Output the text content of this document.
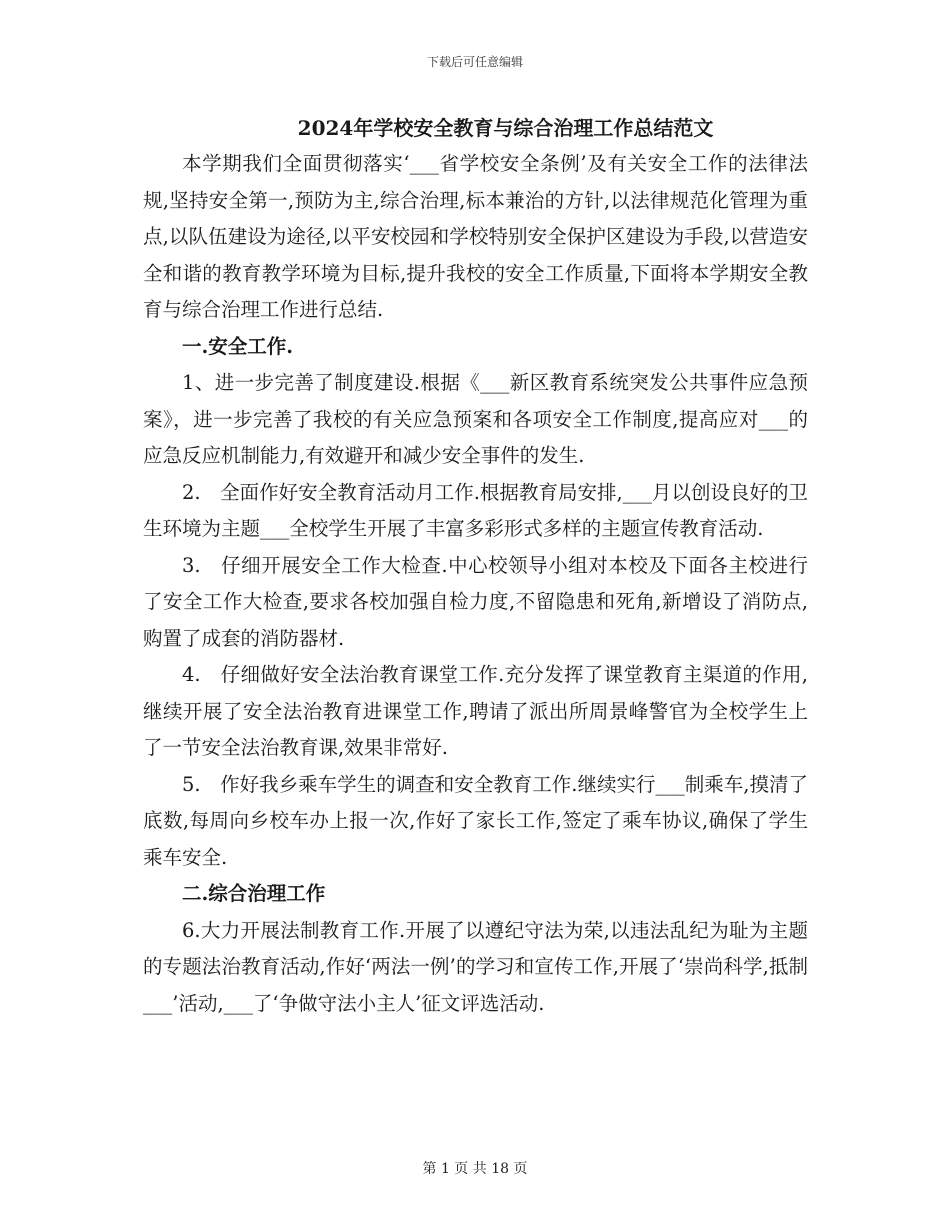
下载后可任意编辑
2024年学校安全教育与综合治理工作总结范文

本学期我们全面贯彻落实‘___省学校安全条例’及有关安全工作的法律法规,坚持安全第一,预防为主,综合治理,标本兼治的方针,以法律规范化管理为重点,以队伍建设为途径,以平安校园和学校特别安全保护区建设为手段,以营造安全和谐的教育教学环境为目标,提升我校的安全工作质量,下面将本学期安全教育与综合治理工作进行总结.

一.安全工作.

1、进一步完善了制度建设.根据《___新区教育系统突发公共事件应急预案》，进一步完善了我校的有关应急预案和各项安全工作制度,提高应对___的应急反应机制能力,有效避开和减少安全事件的发生.

2.　全面作好安全教育活动月工作.根据教育局安排,___月以创设良好的卫生环境为主题___全校学生开展了丰富多彩形式多样的主题宣传教育活动.

3.　仔细开展安全工作大检查.中心校领导小组对本校及下面各主校进行了安全工作大检查,要求各校加强自检力度,不留隐患和死角,新增设了消防点,购置了成套的消防器材.

4.　仔细做好安全法治教育课堂工作.充分发挥了课堂教育主渠道的作用,继续开展了安全法治教育进课堂工作,聘请了派出所周景峰警官为全校学生上了一节安全法治教育课,效果非常好.

5.　作好我乡乘车学生的调查和安全教育工作.继续实行___制乘车,摸清了底数,每周向乡校车办上报一次,作好了家长工作,签定了乘车协议,确保了学生乘车安全.

二.综合治理工作

6.大力开展法制教育工作.开展了以遵纪守法为荣,以违法乱纪为耻为主题的专题法治教育活动,作好‘两法一例’的学习和宣传工作,开展了‘崇尚科学,抵制___’活动,___了‘争做守法小主人’征文评选活动.

第 1 页 共 18 页
